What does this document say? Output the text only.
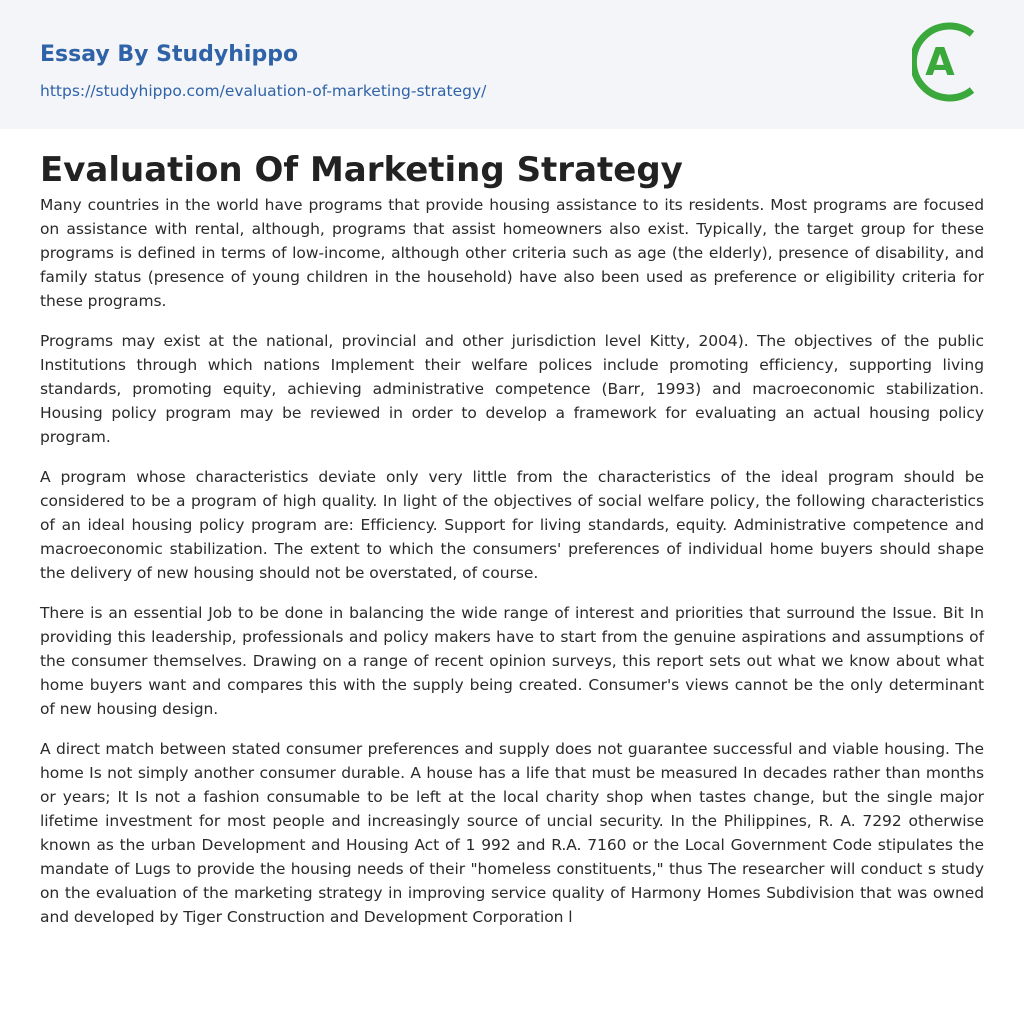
Essay By Studyhippo
https://studyhippo.com/evaluation-of-marketing-strategy/
A
Evaluation Of Marketing Strategy

Many countries in the world have programs that provide housing assistance to its residents. Most programs are focused on assistance with rental, although, programs that assist homeowners also exist. Typically, the target group for these programs is defined in terms of low-income, although other criteria such as age (the elderly), presence of disability, and family status (presence of young children in the household) have also been used as preference or eligibility criteria for these programs.

Programs may exist at the national, provincial and other jurisdiction level Kitty, 2004). The objectives of the public Institutions through which nations Implement their welfare polices include promoting efficiency, supporting living standards, promoting equity, achieving administrative competence (Barr, 1993) and macroeconomic stabilization. Housing policy program may be reviewed in order to develop a framework for evaluating an actual housing policy program.

A program whose characteristics deviate only very little from the characteristics of the ideal program should be considered to be a program of high quality. In light of the objectives of social welfare policy, the following characteristics of an ideal housing policy program are: Efficiency. Support for living standards, equity. Administrative competence and macroeconomic stabilization. The extent to which the consumers' preferences of individual home buyers should shape the delivery of new housing should not be overstated, of course.

There is an essential Job to be done in balancing the wide range of interest and priorities that surround the Issue. Bit In providing this leadership, professionals and policy makers have to start from the genuine aspirations and assumptions of the consumer themselves. Drawing on a range of recent opinion surveys, this report sets out what we know about what home buyers want and compares this with the supply being created. Consumer's views cannot be the only determinant of new housing design.

A direct match between stated consumer preferences and supply does not guarantee successful and viable housing. The home Is not simply another consumer durable. A house has a life that must be measured In decades rather than months or years; It Is not a fashion consumable to be left at the local charity shop when tastes change, but the single major lifetime investment for most people and increasingly source of uncial security. In the Philippines, R. A. 7292 otherwise known as the urban Development and Housing Act of 1 992 and R.A. 7160 or the Local Government Code stipulates the mandate of Lugs to provide the housing needs of their "homeless constituents," thus The researcher will conduct s study on the evaluation of the marketing strategy in improving service quality of Harmony Homes Subdivision that was owned and developed by Tiger Construction and Development Corporation l
